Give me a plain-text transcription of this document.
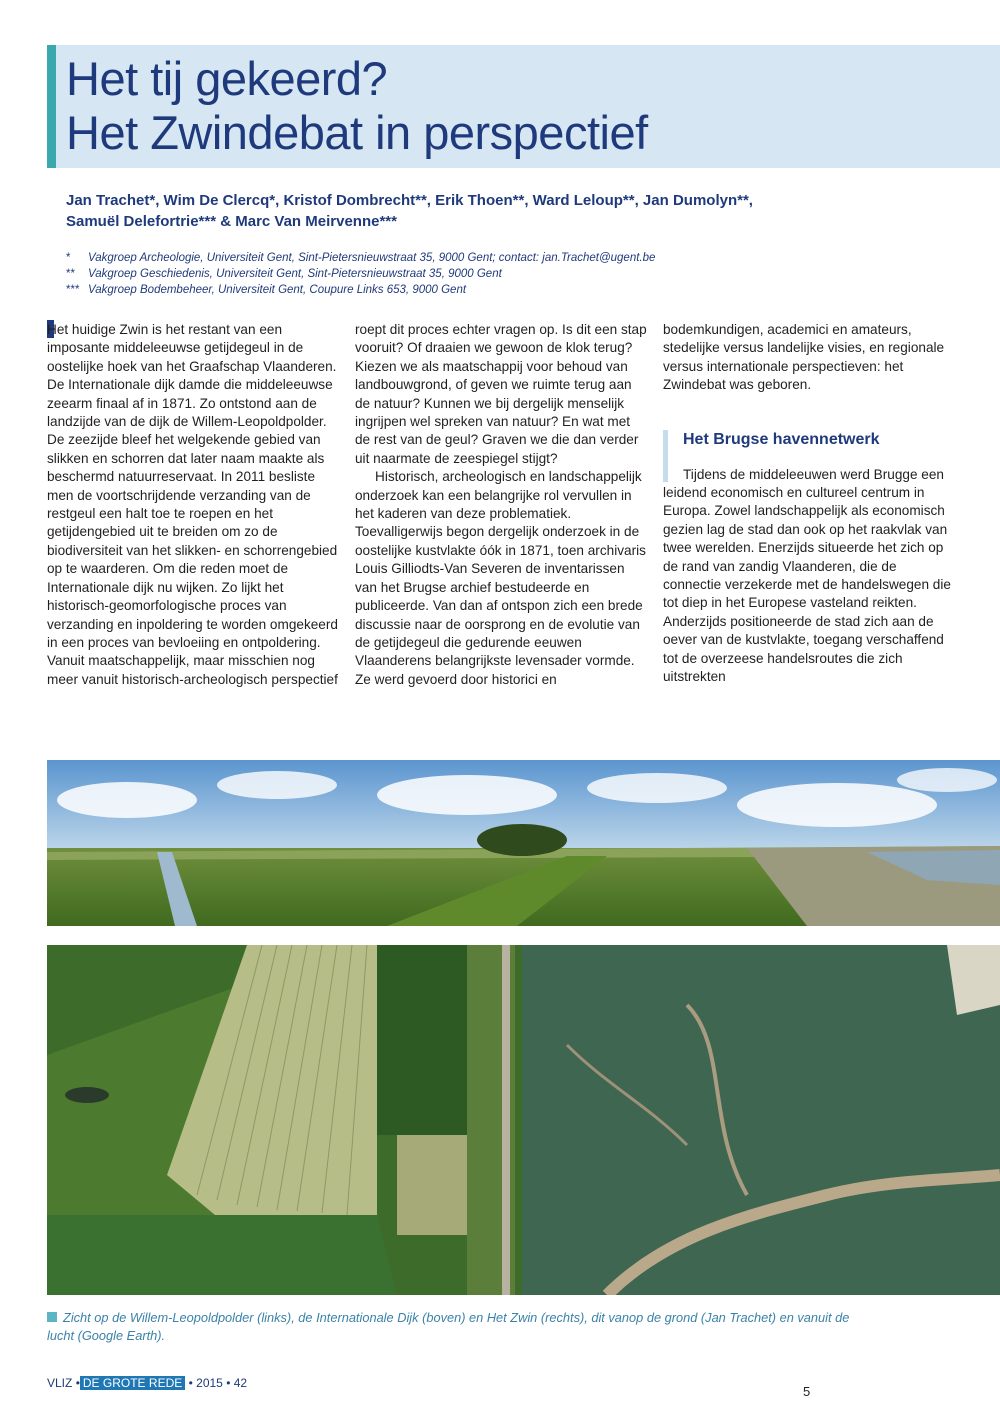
Het tij gekeerd?
Het Zwindebat in perspectief
Jan Trachet*, Wim De Clercq*, Kristof Dombrecht**, Erik Thoen**, Ward Leloup**, Jan Dumolyn**,
Samuël Delefortrie*** & Marc Van Meirvenne***
* Vakgroep Archeologie, Universiteit Gent, Sint-Pietersnieuwstraat 35, 9000 Gent; contact: jan.Trachet@ugent.be
** Vakgroep Geschiedenis, Universiteit Gent, Sint-Pietersnieuwstraat 35, 9000 Gent
*** Vakgroep Bodembeheer, Universiteit Gent, Coupure Links 653, 9000 Gent

Het huidige Zwin is het restant van een imposante middeleeuwse getijdegeul in de oostelijke hoek van het Graafschap Vlaanderen. De Internationale dijk damde die middeleeuwse zeearm finaal af in 1871. Zo ontstond aan de landzijde van de dijk de Willem-Leopoldpolder. De zeezijde bleef het welgekende gebied van slikken en schorren dat later naam maakte als beschermd natuurreservaat. In 2011 besliste men de voortschrijdende verzanding van de restgeul een halt toe te roepen en het getijdengebied uit te breiden om zo de biodiversiteit van het slikken- en schorrengebied op te waarderen. Om die reden moet de Internationale dijk nu wijken. Zo lijkt het historisch-geomorfologische proces van verzanding en inpoldering te worden omgekeerd in een proces van bevloeiing en ontpoldering. Vanuit maatschappelijk, maar misschien nog meer vanuit historisch-archeologisch perspectief

roept dit proces echter vragen op. Is dit een stap vooruit? Of draaien we gewoon de klok terug? Kiezen we als maatschappij voor behoud van landbouwgrond, of geven we ruimte terug aan de natuur? Kunnen we bij dergelijk menselijk ingrijpen wel spreken van natuur? En wat met de rest van de geul? Graven we die dan verder uit naarmate de zeespiegel stijgt?

Historisch, archeologisch en landschappelijk onderzoek kan een belangrijke rol vervullen in het kaderen van deze problematiek. Toevalligerwijs begon dergelijk onderzoek in de oostelijke kustvlakte óók in 1871, toen archivaris Louis Gilliodts-Van Severen de inventarissen van het Brugse archief bestudeerde en publiceerde. Van dan af ontspon zich een brede discussie naar de oorsprong en de evolutie van de getijdegeul die gedurende eeuwen Vlaanderens belangrijkste levensader vormde. Ze werd gevoerd door historici en

bodemkundigen, academici en amateurs, stedelijke versus landelijke visies, en regionale versus internationale perspectieven: het Zwindebat was geboren.

Het Brugse havennetwerk

Tijdens de middeleeuwen werd Brugge een leidend economisch en cultureel centrum in Europa. Zowel landschappelijk als economisch gezien lag de stad dan ook op het raakvlak van twee werelden. Enerzijds situeerde het zich op de rand van zandig Vlaanderen, die de connectie verzekerde met de handelswegen die tot diep in het Europese vasteland reikten. Anderzijds positioneerde de stad zich aan de oever van de kustvlakte, toegang verschaffend tot de overzeese handelsroutes die zich uitstrekten

Zicht op de Willem-Leopoldpolder (links), de Internationale Dijk (boven) en Het Zwin (rechts), dit vanop de grond (Jan Trachet) en vanuit de lucht (Google Earth).
VLIZ • DE GROTE REDE • 2015 • 42
5
